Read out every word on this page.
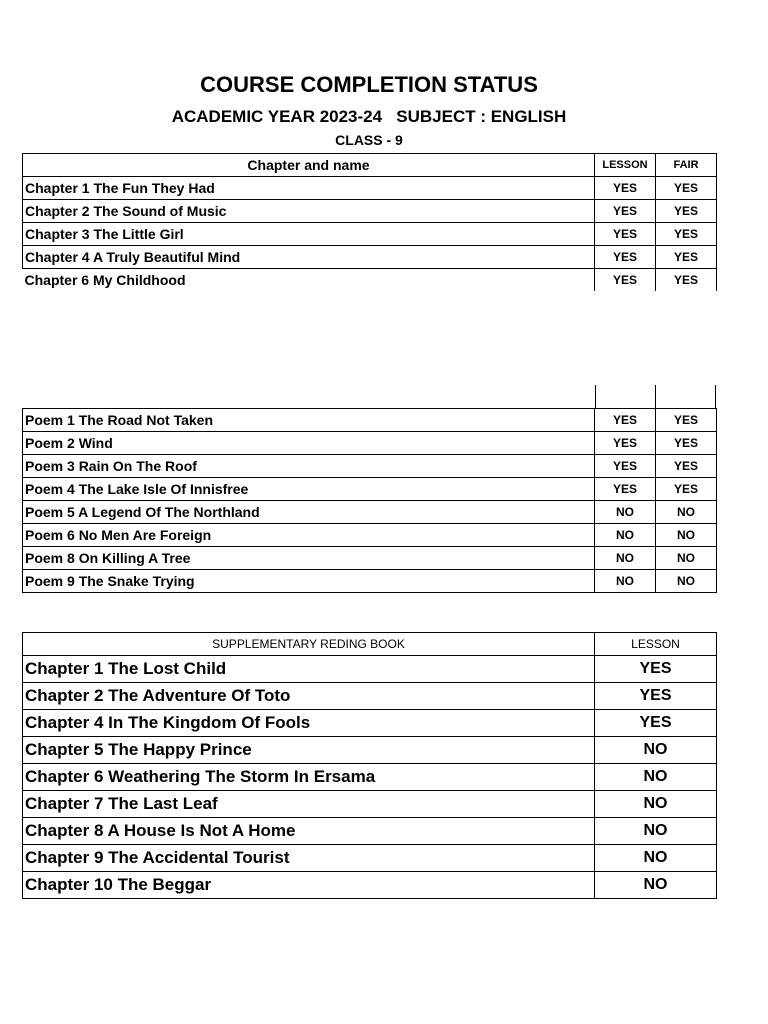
COURSE COMPLETION STATUS
ACADEMIC YEAR 2023-24   SUBJECT : ENGLISH
CLASS - 9
Chapter and name	LESSON	FAIR
Chapter 1 The Fun They Had	YES	YES
Chapter 2 The Sound of Music	YES	YES
Chapter 3 The Little Girl	YES	YES
Chapter 4 A Truly Beautiful Mind	YES	YES
Chapter 6 My Childhood	YES	YES
Poem 1 The Road Not Taken	YES	YES
Poem 2 Wind	YES	YES
Poem 3 Rain On The Roof	YES	YES
Poem 4 The Lake Isle Of Innisfree	YES	YES
Poem 5 A Legend Of The Northland	NO	NO
Poem 6 No Men Are Foreign	NO	NO
Poem 8 On Killing A Tree	NO	NO
Poem 9 The Snake Trying	NO	NO
SUPPLEMENTARY REDING BOOK	LESSON
Chapter 1 The Lost Child	YES
Chapter 2 The Adventure Of Toto	YES
Chapter 4 In The Kingdom Of Fools	YES
Chapter 5 The Happy Prince	NO
Chapter 6 Weathering The Storm In Ersama	NO
Chapter 7 The Last Leaf	NO
Chapter 8 A House Is Not A Home	NO
Chapter 9 The Accidental Tourist	NO
Chapter 10 The Beggar	NO
